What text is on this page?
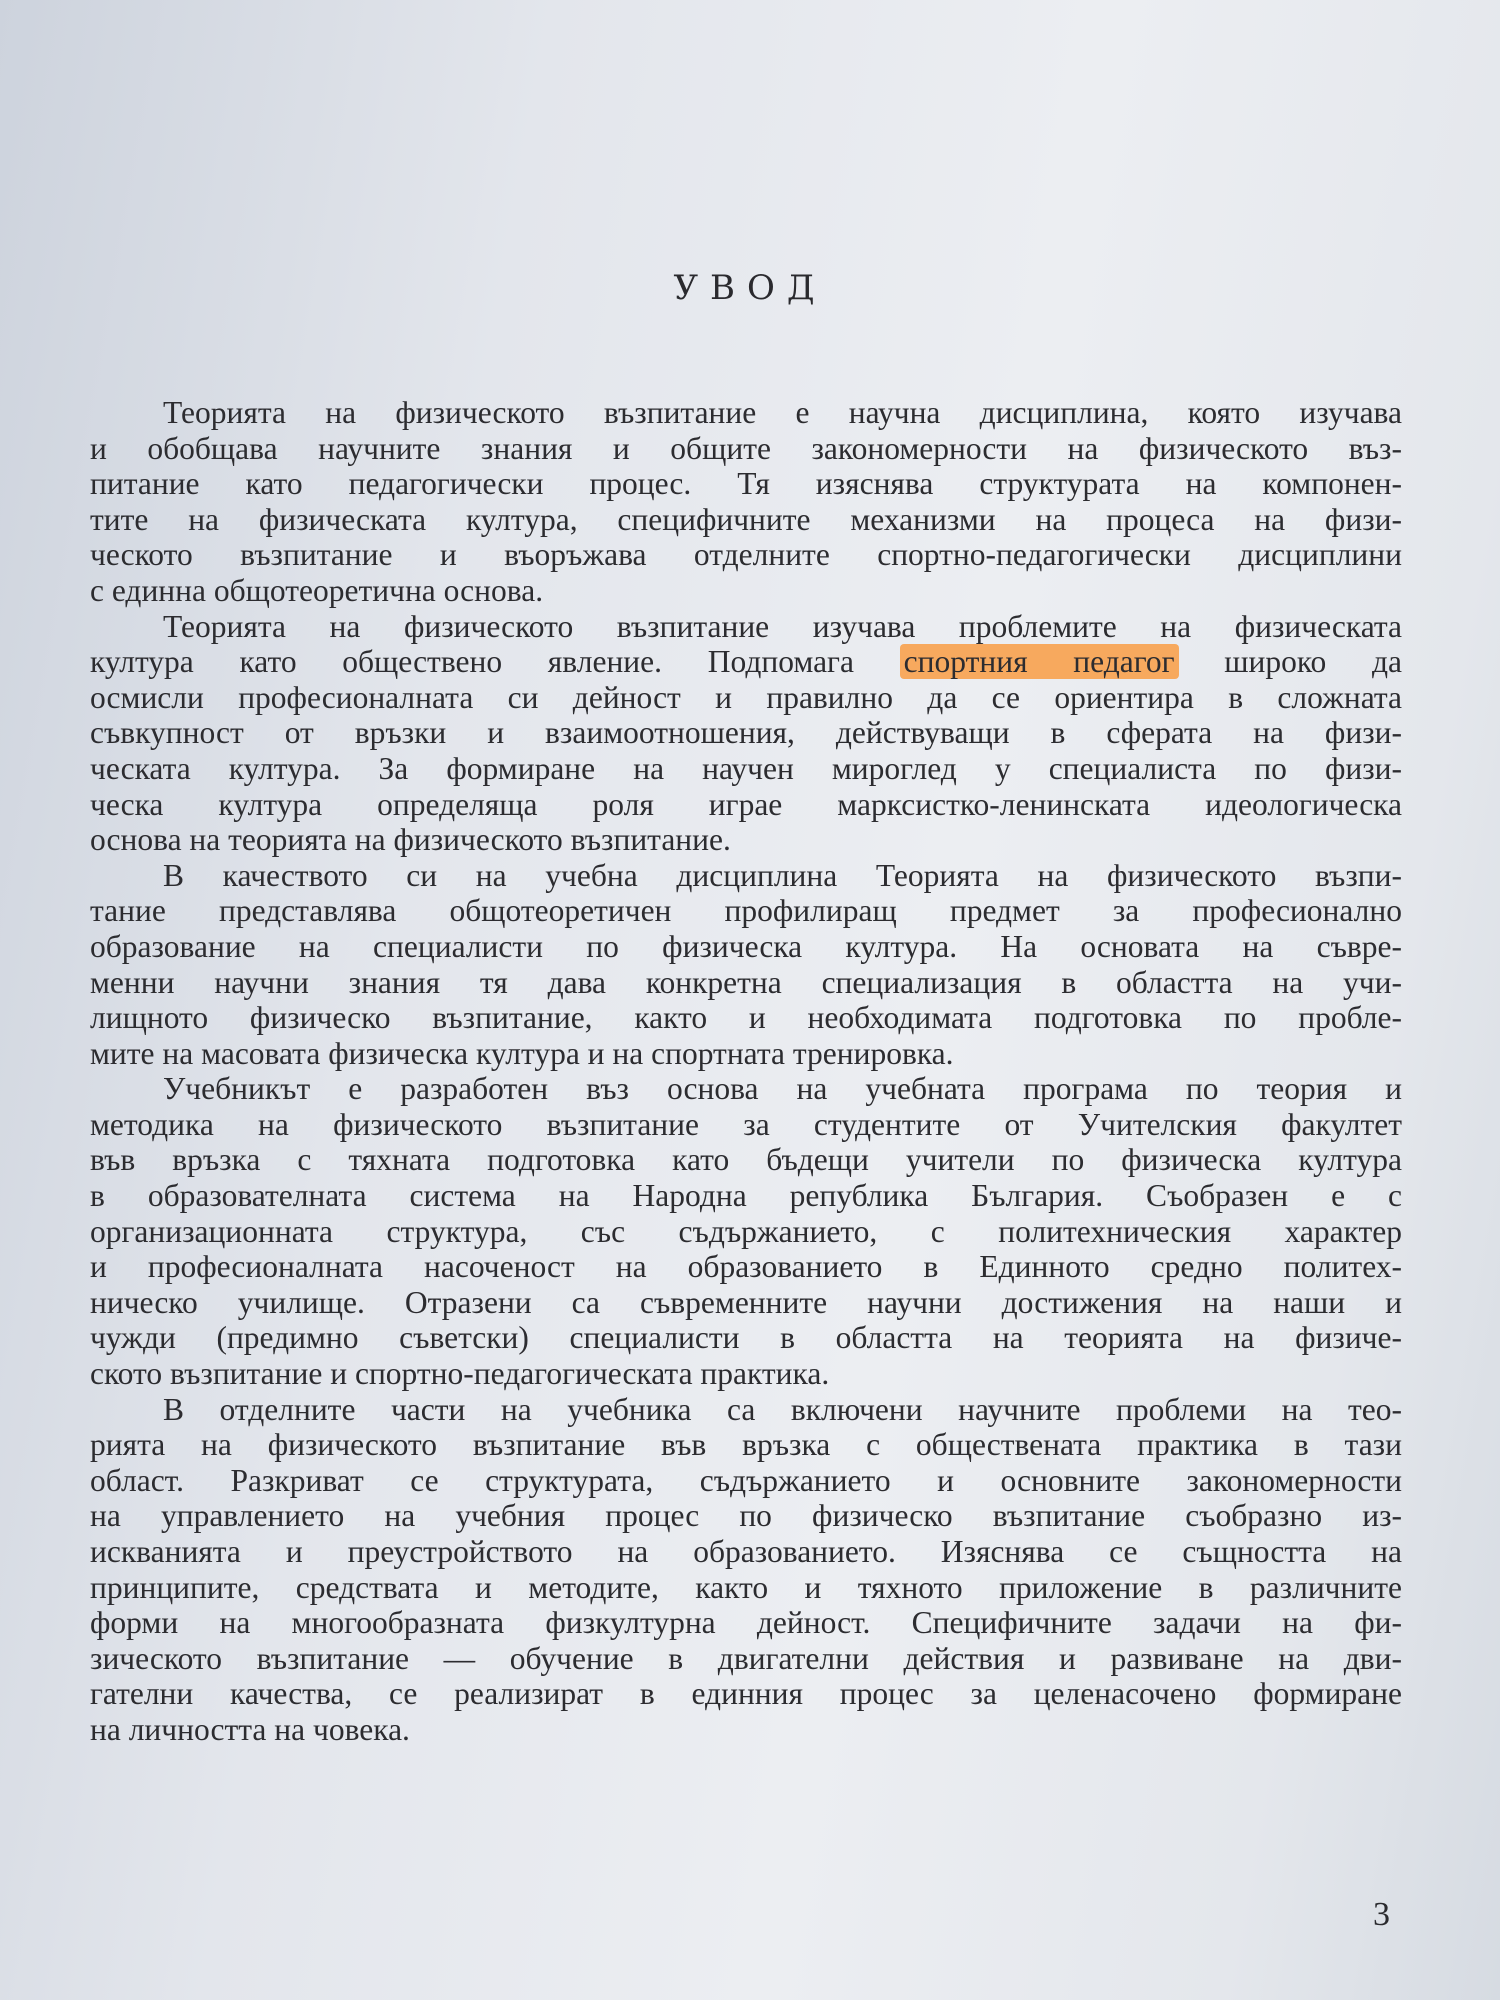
УВОД
Теорията на физическото възпитание е научна дисциплина, която изучава
и обобщава научните знания и общите закономерности на физическото въз-
питание като педагогически процес. Тя изяснява структурата на компонен-
тите на физическата култура, специфичните механизми на процеса на физи-
ческото възпитание и въоръжава отделните спортно-педагогически дисциплини
с единна общотеоретична основа.
Теорията на физическото възпитание изучава проблемите на физическата
култура като обществено явление. Подпомага спортния педагог широко да
осмисли професионалната си дейност и правилно да се ориентира в сложната
съвкупност от връзки и взаимоотношения, действуващи в сферата на физи-
ческата култура. За формиране на научен мироглед у специалиста по физи-
ческа култура определяща роля играе марксистко-ленинската идеологическа
основа на теорията на физическото възпитание.
В качеството си на учебна дисциплина Теорията на физическото възпи-
тание представлява общотеоретичен профилиращ предмет за професионално
образование на специалисти по физическа култура. На основата на съвре-
менни научни знания тя дава конкретна специализация в областта на учи-
лищното физическо възпитание, както и необходимата подготовка по пробле-
мите на масовата физическа култура и на спортната тренировка.
Учебникът е разработен въз основа на учебната програма по теория и
методика на физическото възпитание за студентите от Учителския факултет
във връзка с тяхната подготовка като бъдещи учители по физическа култура
в образователната система на Народна република България. Съобразен е с
организационната структура, със съдържанието, с политехническия характер
и професионалната насоченост на образованието в Единното средно политех-
ническо училище. Отразени са съвременните научни достижения на наши и
чужди (предимно съветски) специалисти в областта на теорията на физиче-
ското възпитание и спортно-педагогическата практика.
В отделните части на учебника са включени научните проблеми на тео-
рията на физическото възпитание във връзка с обществената практика в тази
област. Разкриват се структурата, съдържанието и основните закономерности
на управлението на учебния процес по физическо възпитание съобразно из-
искванията и преустройството на образованието. Изяснява се същността на
принципите, средствата и методите, както и тяхното приложение в различните
форми на многообразната физкултурна дейност. Специфичните задачи на фи-
зическото възпитание — обучение в двигателни действия и развиване на дви-
гателни качества, се реализират в единния процес за целенасочено формиране
на личността на човека.
3
